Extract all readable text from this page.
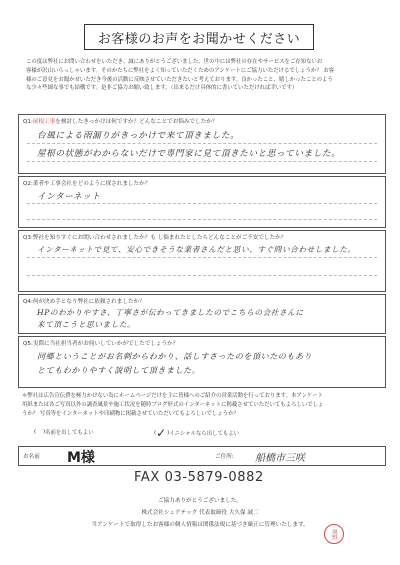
お客様のお声をお聞かせください
この度は弊社にお問い合わせをいただき、誠にありがとうございました。世の中には弊社の存在やサービスをご存知ないお
客様が沢山いらっしゃいます。そのかたちに弊社をよく知っていただくためのアンケートにご協力いただけるでしょうか？ お客
様のご意見をお聞かせいただき今後の活動に反映させていただきたいと考えております。良かったこと、嬉しかったことのよう
な少々些細な事でも結構です。是非ご協力お願い致します。（出来るだけ具体的に書いていただければ幸いです）
Q1:屋根工事を検討したきっかけは何ですか？どんなことでお悩みでしたか？
台風による雨漏りがきっかけで来て頂きました。
屋根の状態がわからないだけで専門家に見て頂きたいと思っていました。
Q2:業者や工事会社をどのように探されましたか？
インターネット
Q3:弊社を知りすぐにお問い合わせされましたか？も し悩まれたとしたらどんなことがご不安でしたか？
インターネットで見て、安心できそうな業者さんだと思い、すぐ問い合わせしました。
Q4:何が決め手となり弊社に依頼されましたか？
HPのわかりやすさ、丁寧さが伝わってきましたのでこちらの会社さんに
来て頂こうと思いました。
Q5:実際に当社担当者がお伺いしていかがでしたでしょうか？
同郷ということがお名刺からわかり、話しすさったのを頂いたのもあり
とてもわかりやすく説明して頂きました。
＊弊社は広告宣伝費を極力かけない為にホームページだけを主に皆様へのご紹介の営業活動を行っております。本アンケート
用紙または各ご写真以外の調査風景や施工状況を随時ブログ形式のインターネットに掲載させていただいてもよろしいでしょ
うか？ 写真等をインターネットや印刷物に掲載させていただいてもよろしいでしょうか？
(    ) 名前を出してもよい	( ✓ ) イニシャルなら出してもよい
お名前 M様	ご住所: 船橋市三咲
FAX 03-5879-0882
ご協力ありがとうございました。
株式会社シェアテック 代表取締役 大久保 誠二
当アンケートで取得したお客様の個人情報は関係法規に基づき厳正に管理いたします。
岡野
